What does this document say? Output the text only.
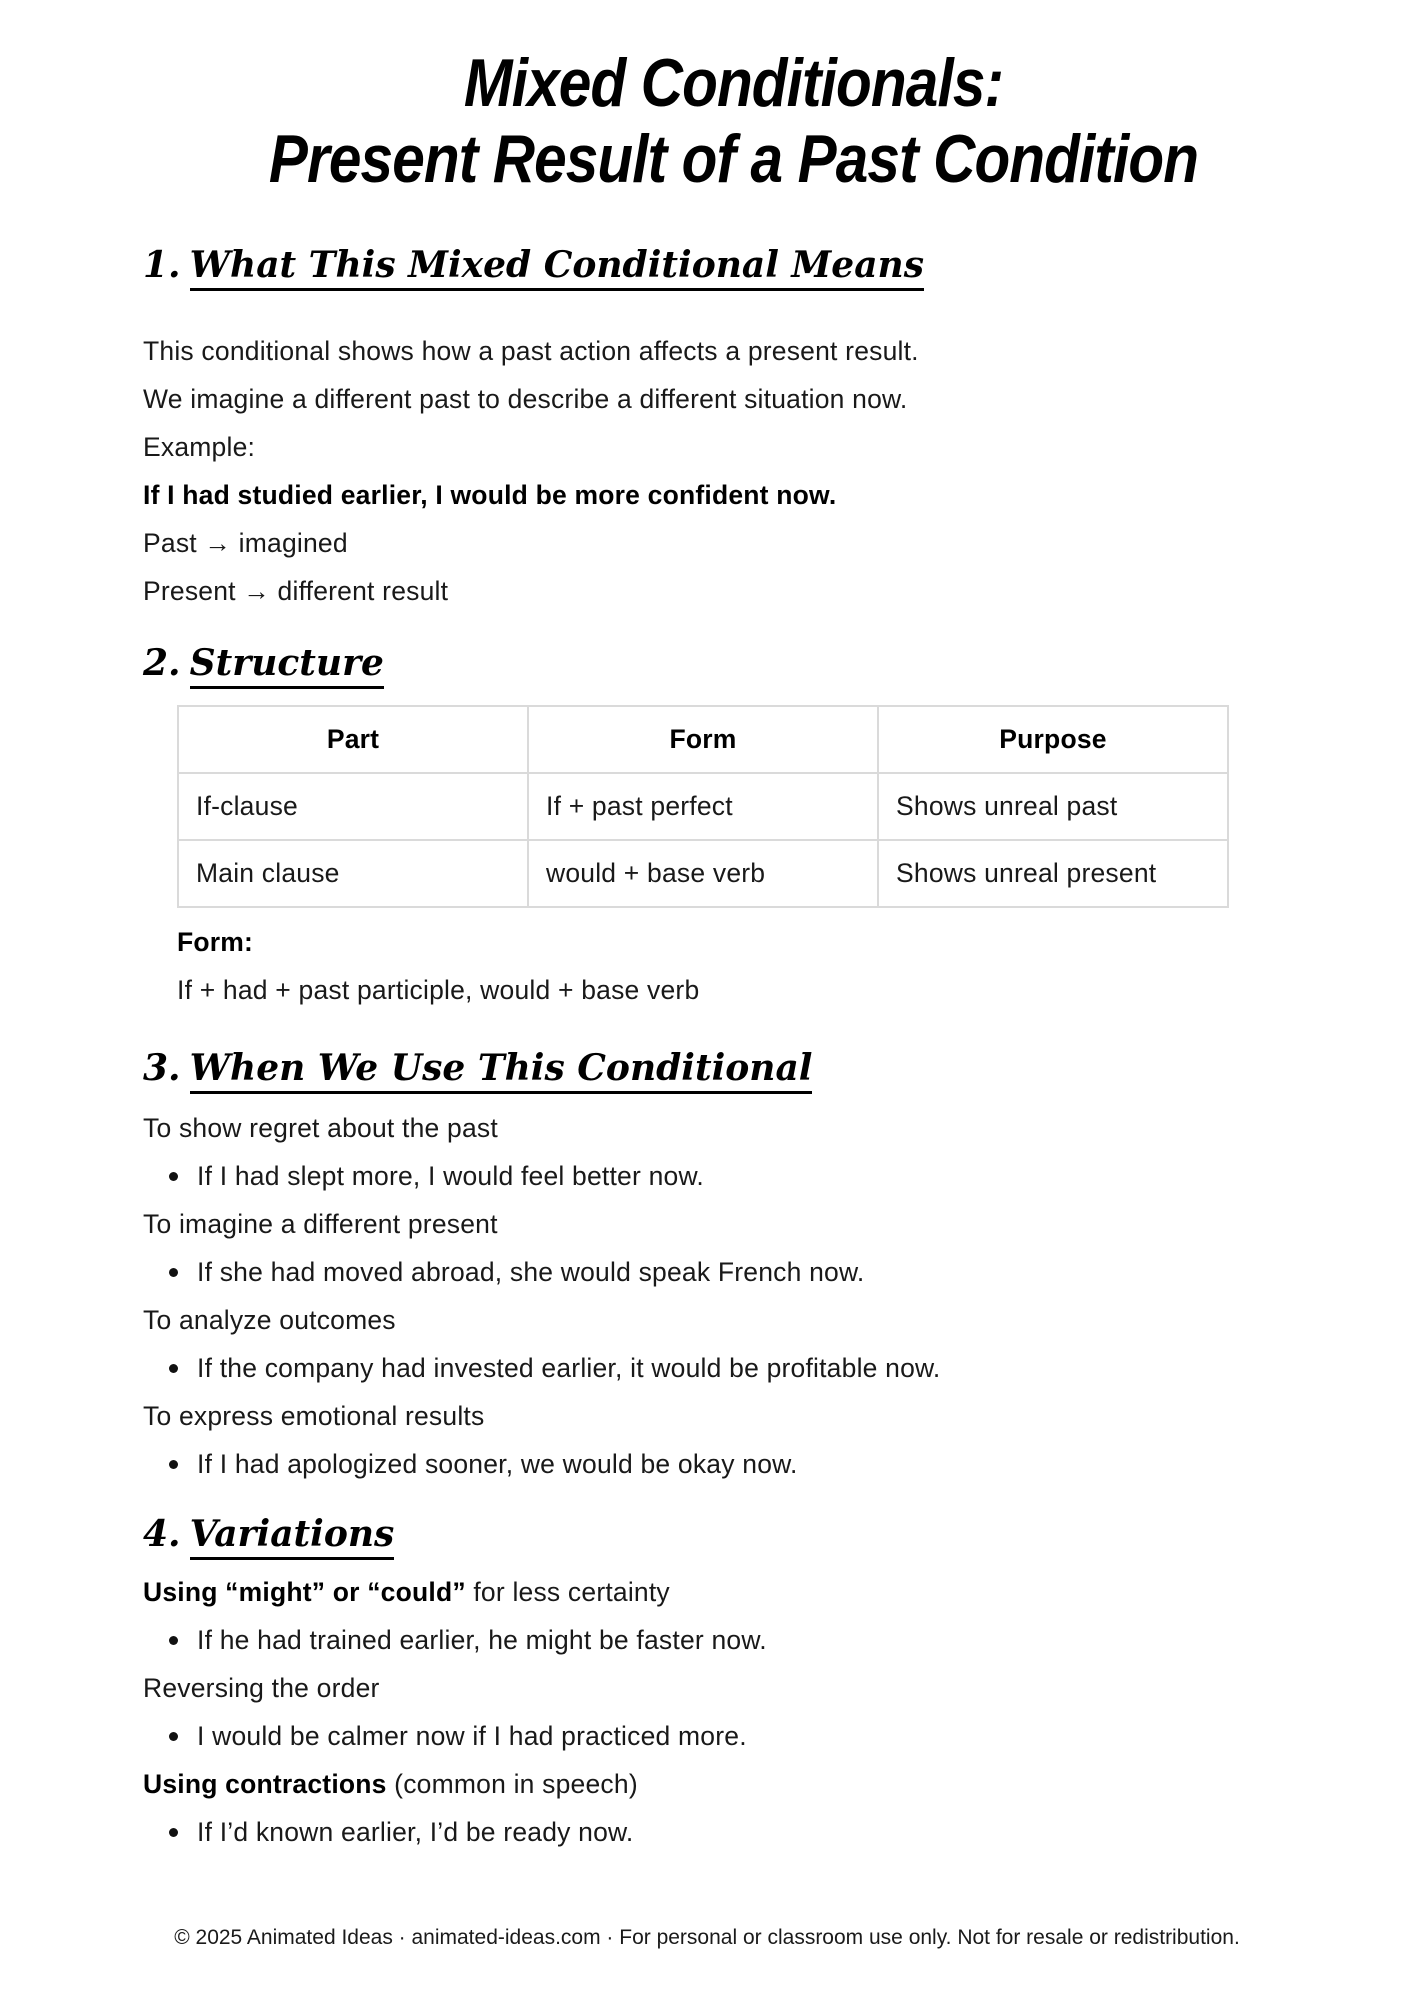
Mixed Conditionals:
Present Result of a Past Condition
1. What This Mixed Conditional Means
This conditional shows how a past action affects a present result.
We imagine a different past to describe a different situation now.
Example:
If I had studied earlier, I would be more confident now.
Past → imagined
Present → different result
2. Structure
Part	Form	Purpose
If-clause	If + past perfect	Shows unreal past
Main clause	would + base verb	Shows unreal present
Form:
If + had + past participle, would + base verb
3. When We Use This Conditional
To show regret about the past
If I had slept more, I would feel better now.
To imagine a different present
If she had moved abroad, she would speak French now.
To analyze outcomes
If the company had invested earlier, it would be profitable now.
To express emotional results
If I had apologized sooner, we would be okay now.
4. Variations
Using “might” or “could” for less certainty
If he had trained earlier, he might be faster now.
Reversing the order
I would be calmer now if I had practiced more.
Using contractions (common in speech)
If I’d known earlier, I’d be ready now.
© 2025 Animated Ideas · animated-ideas.com · For personal or classroom use only. Not for resale or redistribution.
